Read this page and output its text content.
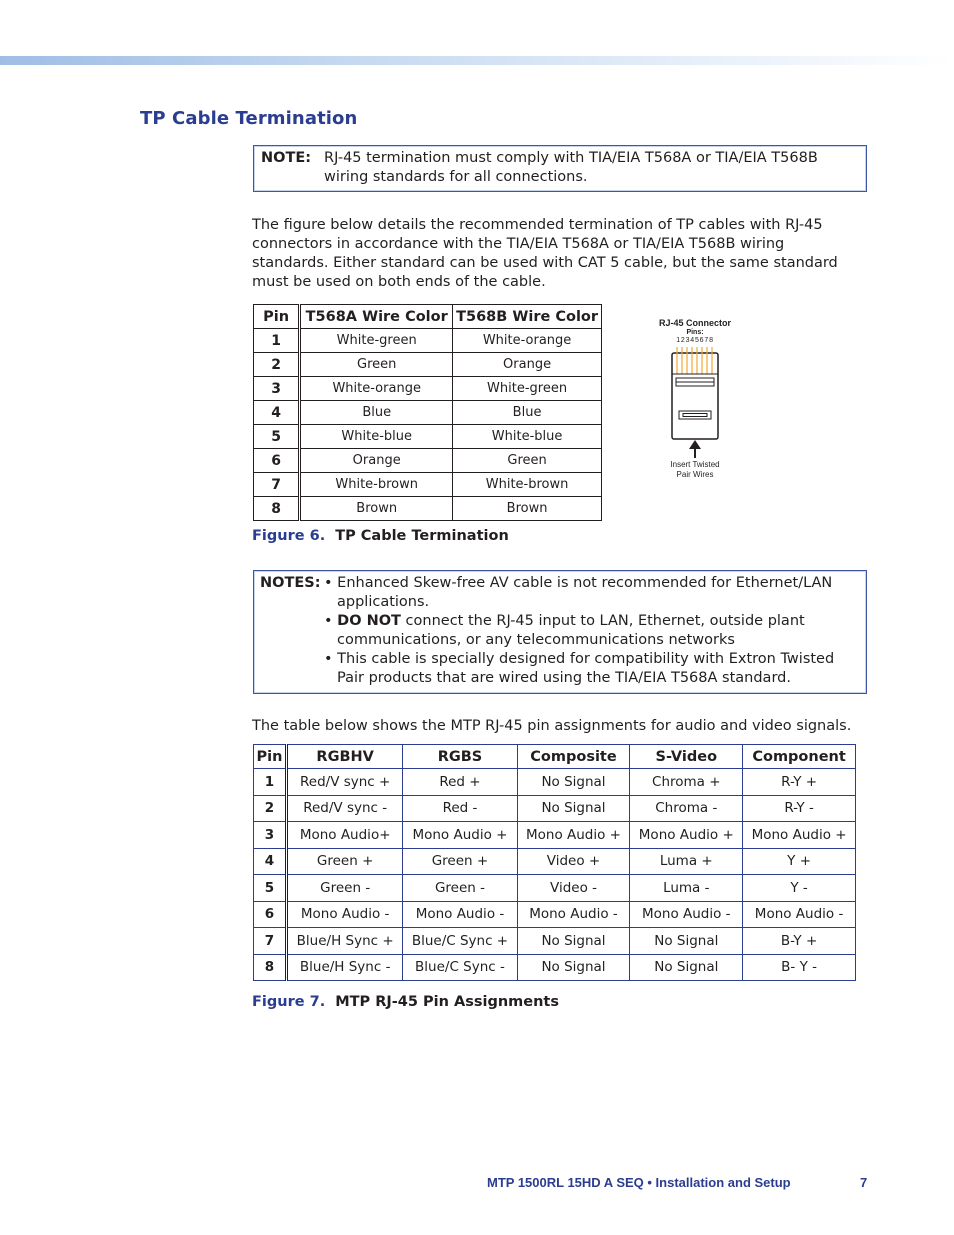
TP Cable Termination
NOTE: RJ-45 termination must comply with TIA/EIA T568A or TIA/EIA T568B wiring standards for all connections.
The figure below details the recommended termination of TP cables with RJ-45 connectors in accordance with the TIA/EIA T568A or TIA/EIA T568B wiring standards. Either standard can be used with CAT 5 cable, but the same standard must be used on both ends of the cable.
Pin	T568A Wire Color	T568B Wire Color
1	White-green	White-orange
2	Green	Orange
3	White-orange	White-green
4	Blue	Blue
5	White-blue	White-blue
6	Orange	Green
7	White-brown	White-brown
8	Brown	Brown
RJ-45 Connector
Pins:
12345678
Insert Twisted
Pair Wires
Figure 6. TP Cable Termination
NOTES: • Enhanced Skew-free AV cable is not recommended for Ethernet/LAN applications.
• DO NOT connect the RJ-45 input to LAN, Ethernet, outside plant communications, or any telecommunications networks
• This cable is specially designed for compatibility with Extron Twisted Pair products that are wired using the TIA/EIA T568A standard.
The table below shows the MTP RJ-45 pin assignments for audio and video signals.
Pin	RGBHV	RGBS	Composite	S-Video	Component
1	Red/V sync +	Red +	No Signal	Chroma +	R-Y +
2	Red/V sync -	Red -	No Signal	Chroma -	R-Y -
3	Mono Audio+	Mono Audio +	Mono Audio +	Mono Audio +	Mono Audio +
4	Green +	Green +	Video +	Luma +	Y +
5	Green -	Green -	Video -	Luma -	Y -
6	Mono Audio -	Mono Audio -	Mono Audio -	Mono Audio -	Mono Audio -
7	Blue/H Sync +	Blue/C Sync +	No Signal	No Signal	B-Y +
8	Blue/H Sync -	Blue/C Sync -	No Signal	No Signal	B- Y -
Figure 7. MTP RJ-45 Pin Assignments
MTP 1500RL 15HD A SEQ • Installation and Setup	7
